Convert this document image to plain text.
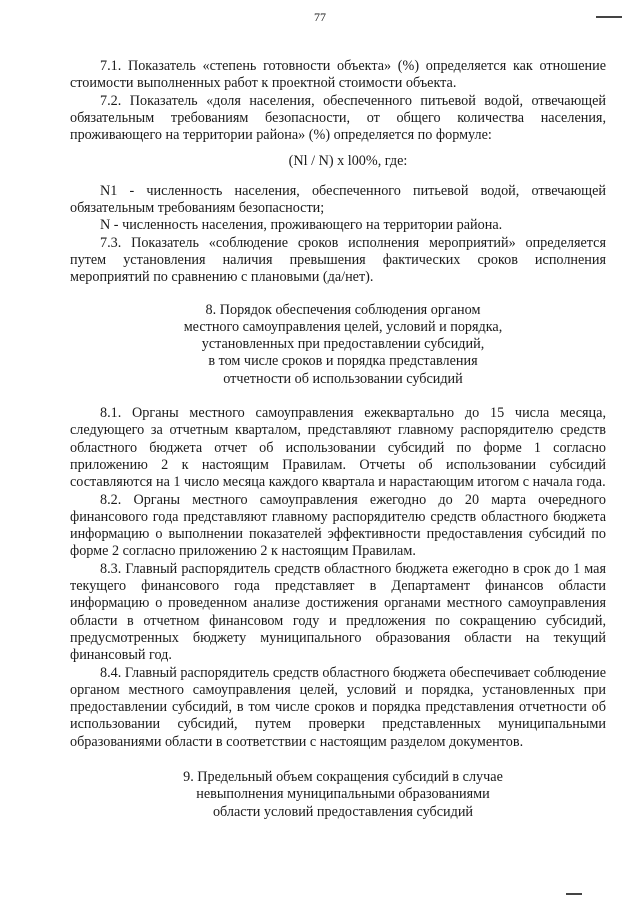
77

7.1. Показатель «степень готовности объекта» (%) определяется как отношение стоимости выполненных работ к проектной стоимости объекта.

7.2. Показатель «доля населения, обеспеченного питьевой водой, отвечающей обязательным требованиям безопасности, от общего количества населения, проживающего на территории района» (%) определяется по формуле:

(Nl / N) x l00%, где:

N1 - численность населения, обеспеченного питьевой водой, отвечающей обязательным требованиям безопасности;

N - численность населения, проживающего на территории района.

7.3. Показатель «соблюдение сроков исполнения мероприятий» определяется путем установления наличия превышения фактических сроков исполнения мероприятий по сравнению с плановыми (да/нет).

8. Порядок обеспечения соблюдения органом
местного самоуправления целей, условий и порядка,
установленных при предоставлении субсидий,
в том числе сроков и порядка представления
отчетности об использовании субсидий

8.1. Органы местного самоуправления ежеквартально до 15 числа месяца, следующего за отчетным кварталом, представляют главному распорядителю средств областного бюджета отчет об использовании субсидий по форме 1 согласно приложению 2 к настоящим Правилам. Отчеты об использовании субсидий составляются на 1 число месяца каждого квартала и нарастающим итогом с начала года.

8.2. Органы местного самоуправления ежегодно до 20 марта очередного финансового года представляют главному распорядителю средств областного бюджета информацию о выполнении показателей эффективности предоставления субсидий по форме 2 согласно приложению 2 к настоящим Правилам.

8.3. Главный распорядитель средств областного бюджета ежегодно в срок до 1 мая текущего финансового года представляет в Департамент финансов области информацию о проведенном анализе достижения органами местного самоуправления области в отчетном финансовом году и предложения по сокращению субсидий, предусмотренных бюджету муниципального образования области на текущий финансовый год.

8.4. Главный распорядитель средств областного бюджета обеспечивает соблюдение органом местного самоуправления целей, условий и порядка, установленных при предоставлении субсидий, в том числе сроков и порядка представления отчетности об использовании субсидий, путем проверки представленных муниципальными образованиями области в соответствии с настоящим разделом документов.

9. Предельный объем сокращения субсидий в случае
невыполнения муниципальными образованиями
области условий предоставления субсидий
